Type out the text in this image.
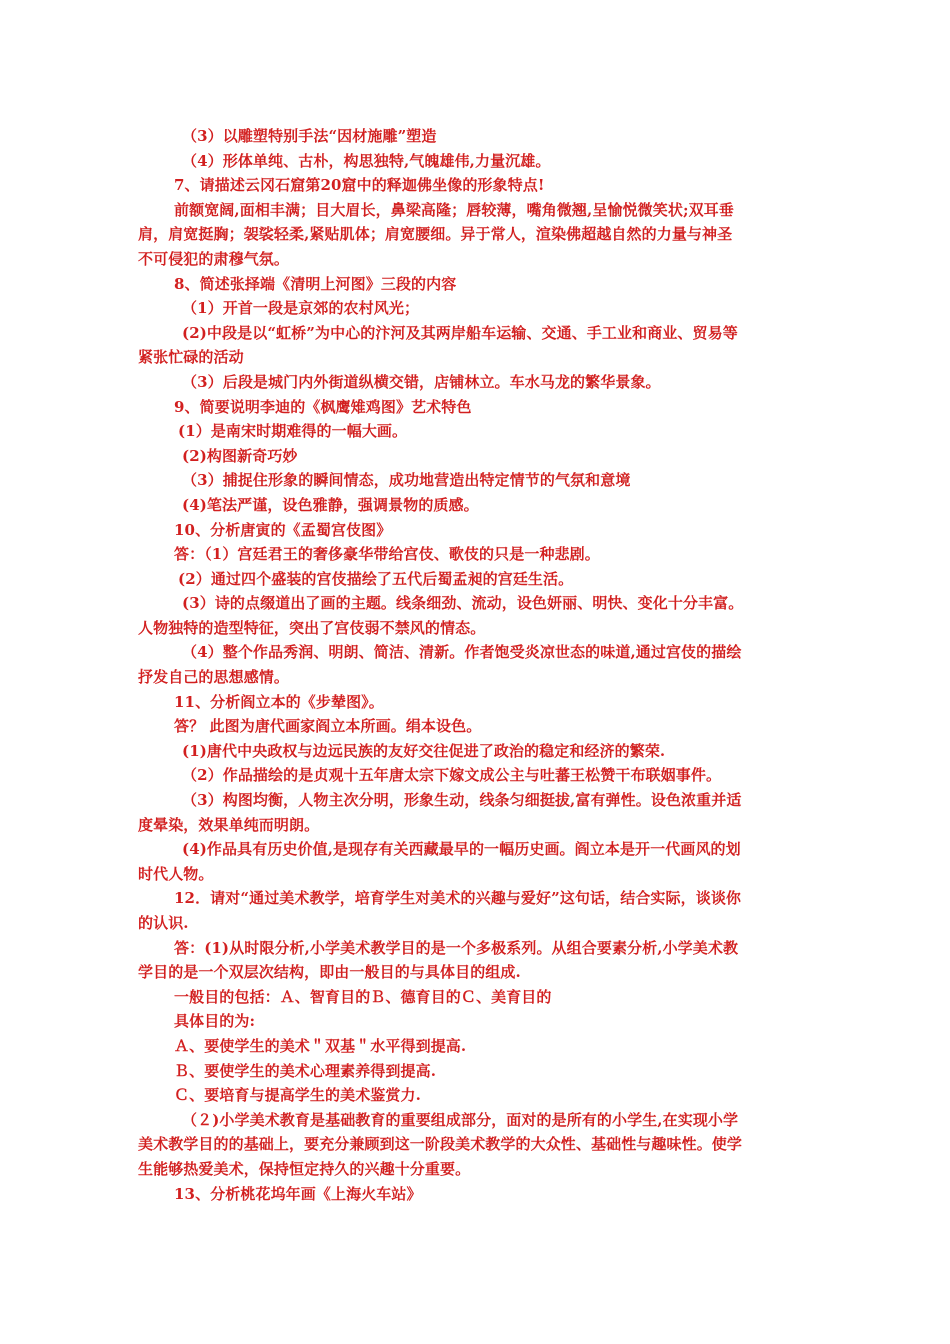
（3）以雕塑特别手法“因材施雕”塑造
（4）形体单纯、古朴，构思独特,气魄雄伟,力量沉雄。
7、请描述云冈石窟第20窟中的释迦佛坐像的形象特点!
前额宽阔,面相丰满；目大眉长，鼻梁高隆；唇较薄，嘴角微翘,呈愉悦微笑状;双耳垂
肩，肩宽挺胸；袈裟轻柔,紧贴肌体；肩宽腰细。异于常人，渲染佛超越自然的力量与神圣
不可侵犯的肃穆气氛。
8、简述张择端《清明上河图》三段的内容
（1）开首一段是京郊的农村风光；
(2)中段是以“虹桥”为中心的汴河及其两岸船车运输、交通、手工业和商业、贸易等
紧张忙碌的活动
（3）后段是城门内外街道纵横交错，店铺林立。车水马龙的繁华景象。
9、简要说明李迪的《枫鹰雉鸡图》艺术特色
(1）是南宋时期难得的一幅大画。
(2)构图新奇巧妙
（3）捕捉住形象的瞬间情态，成功地营造出特定情节的气氛和意境
(4)笔法严谨，设色雅静，强调景物的质感。
10、分析唐寅的《孟蜀宫伎图》
答：（1）宫廷君王的奢侈豪华带给宫伎、歌伎的只是一种悲剧。
(2）通过四个盛装的宫伎描绘了五代后蜀孟昶的宫廷生活。
(3）诗的点缀道出了画的主题。线条细劲、流动，设色妍丽、明快、变化十分丰富。
人物独特的造型特征，突出了宫伎弱不禁风的情态。
（4）整个作品秀润、明朗、简洁、清新。作者饱受炎凉世态的味道,通过宫伎的描绘
抒发自己的思想感情。
11、分析阎立本的《步辇图》。
答？ 此图为唐代画家阎立本所画。绢本设色。
(1)唐代中央政权与边远民族的友好交往促进了政治的稳定和经济的繁荣.
（2）作品描绘的是贞观十五年唐太宗下嫁文成公主与吐蕃王松赞干布联姻事件。
（3）构图均衡，人物主次分明，形象生动，线条匀细挺拔,富有弹性。设色浓重并适
度晕染，效果单纯而明朗。
(4)作品具有历史价值,是现存有关西藏最早的一幅历史画。阎立本是开一代画风的划
时代人物。
12．请对“通过美术教学，培育学生对美术的兴趣与爱好”这句话，结合实际，谈谈你
的认识.
答：(1)从时限分析,小学美术教学目的是一个多极系列。从组合要素分析,小学美术教
学目的是一个双层次结构，即由一般目的与具体目的组成.
一般目的包括：Ａ、智育目的Ｂ、德育目的Ｃ、美育目的
具体目的为:
Ａ、要使学生的美术＂双基＂水平得到提高.
Ｂ、要使学生的美术心理素养得到提高.
Ｃ、要培育与提高学生的美术鉴赏力.
（２)小学美术教育是基础教育的重要组成部分，面对的是所有的小学生,在实现小学
美术教学目的的基础上，要充分兼顾到这一阶段美术教学的大众性、基础性与趣味性。使学
生能够热爱美术，保持恒定持久的兴趣十分重要。
13、分析桃花坞年画《上海火车站》
